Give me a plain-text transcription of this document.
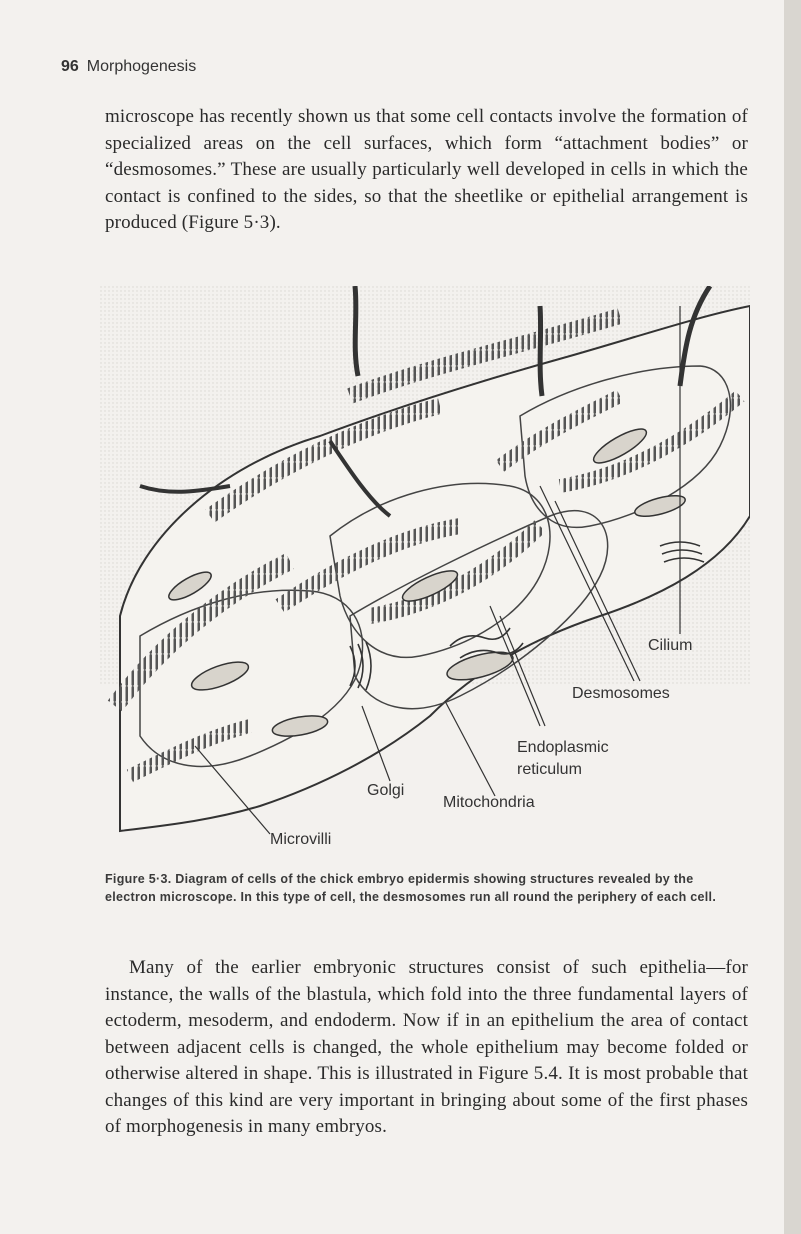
96 Morphogenesis

microscope has recently shown us that some cell contacts involve the formation of specialized areas on the cell surfaces, which form “attachment bodies” or “desmosomes.” These are usually particularly well developed in cells in which the contact is confined to the sides, so that the sheetlike or epithelial arrangement is produced (Figure 5·3).

Cilium
Desmosomes
Endoplasmic
reticulum
Golgi
Mitochondria
Microvilli

Figure 5·3. Diagram of cells of the chick embryo epidermis showing structures revealed by the electron microscope. In this type of cell, the desmosomes run all round the periphery of each cell.

Many of the earlier embryonic structures consist of such epithelia—for instance, the walls of the blastula, which fold into the three fundamental layers of ectoderm, mesoderm, and endoderm. Now if in an epithelium the area of contact between adjacent cells is changed, the whole epithelium may become folded or otherwise altered in shape. This is illustrated in Figure 5.4. It is most probable that changes of this kind are very important in bringing about some of the first phases of morphogenesis in many embryos.
